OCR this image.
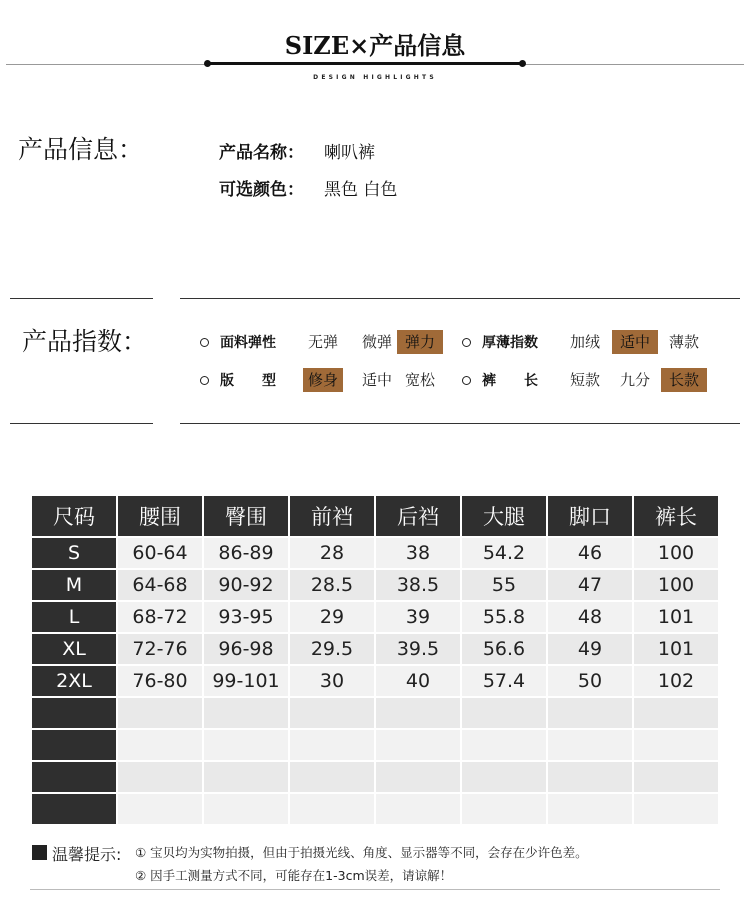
SIZE×产品信息
DESIGN HIGHLIGHTS
产品信息：	产品名称： 喇叭裤
可选颜色： 黑色 白色
产品指数：	面料弹性	无弹	微弹 弹力	厚薄指数	加绒	适中	薄款
版　　型	修身	适中 宽松	裤　　长	短款	九分	长款
尺码	腰围	臀围	前裆	后裆	大腿	脚口	裤长
S	60-64	86-89	28	38	54.2	46	100
M	64-68	90-92	28.5	38.5	55	47	100
L	68-72	93-95	29	39	55.8	48	101
XL	72-76	96-98	29.5	39.5	56.6	49	101
2XL	76-80	99-101	30	40	57.4	50	102

温馨提示: ① 宝贝均为实物拍摄，但由于拍摄光线、角度、显示器等不同，会存在少许色差。
② 因手工测量方式不同，可能存在1-3cm误差，请谅解！
